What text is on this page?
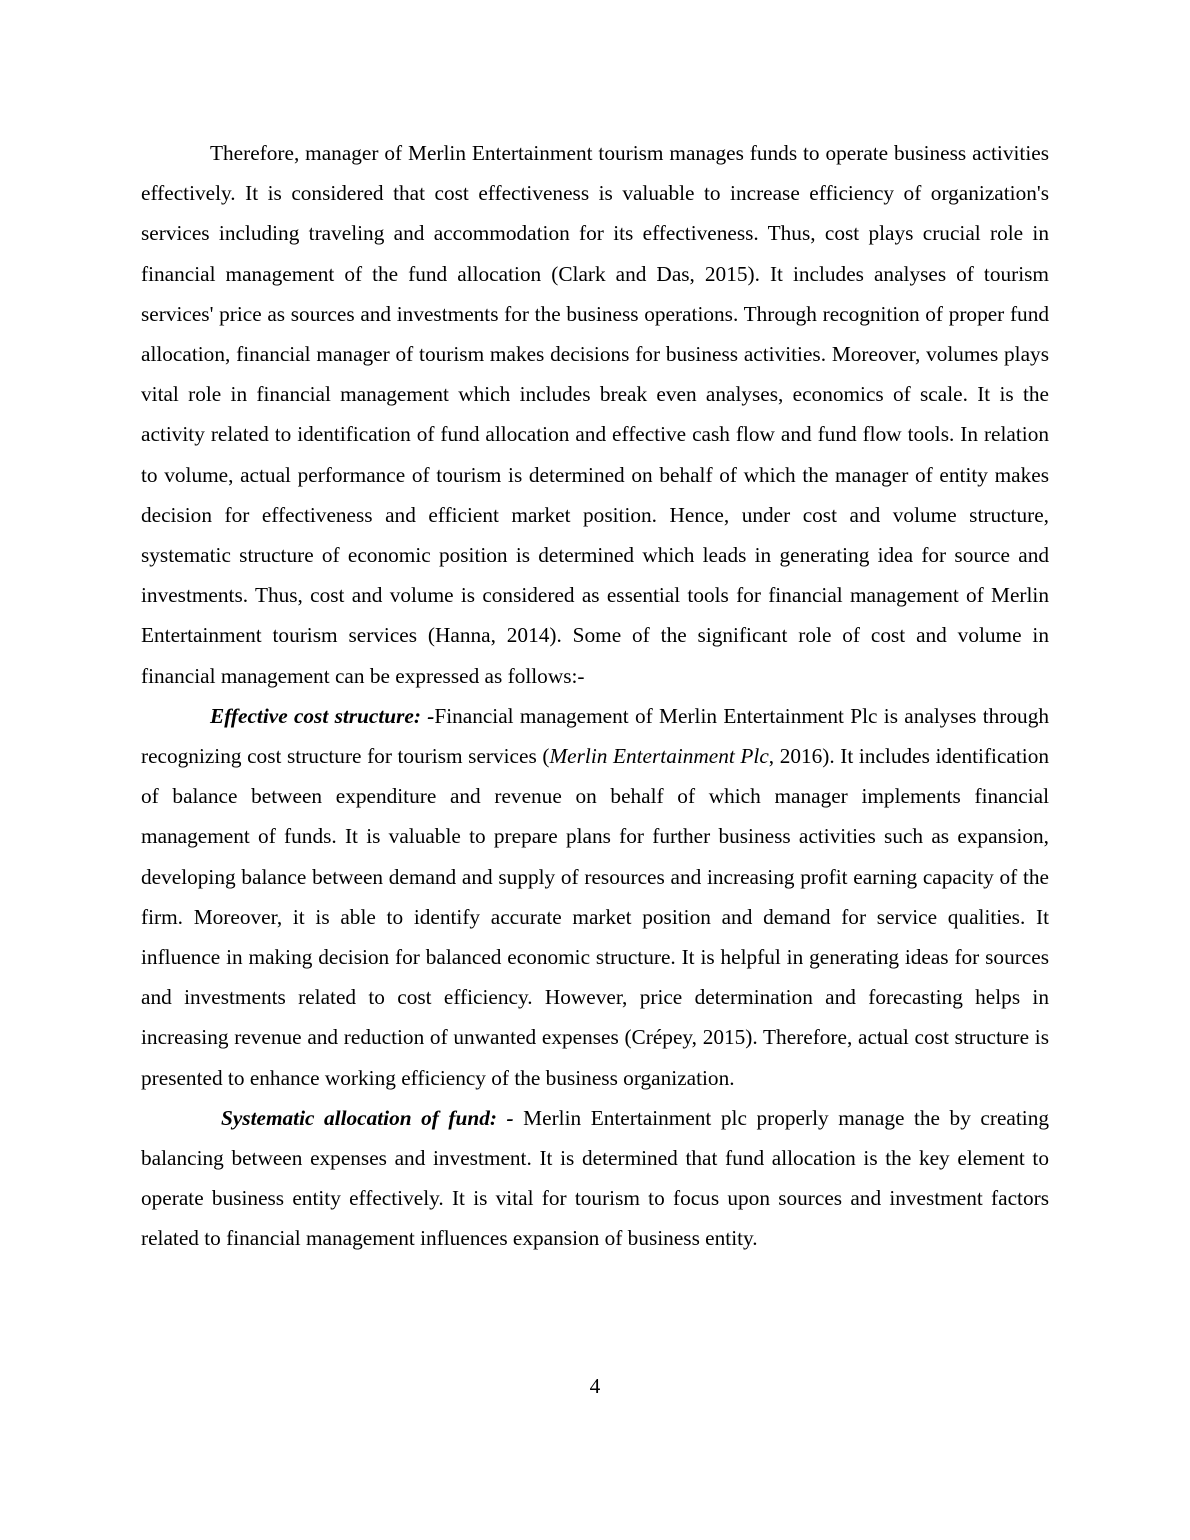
Therefore, manager of Merlin Entertainment tourism manages funds to operate business activities effectively. It is considered that cost effectiveness is valuable to increase efficiency of organization's services including traveling and accommodation for its effectiveness. Thus, cost plays crucial role in financial management of the fund allocation (Clark and Das, 2015). It includes analyses of tourism services' price as sources and investments for the business operations. Through recognition of proper fund allocation, financial manager of tourism makes decisions for business activities. Moreover, volumes plays vital role in financial management which includes break even analyses, economics of scale. It is the activity related to identification of fund allocation and effective cash flow and fund flow tools. In relation to volume, actual performance of tourism is determined on behalf of which the manager of entity makes decision for effectiveness and efficient market position. Hence, under cost and volume structure, systematic structure of economic position is determined which leads in generating idea for source and investments. Thus, cost and volume is considered as essential tools for financial management of Merlin Entertainment tourism services (Hanna, 2014). Some of the significant role of cost and volume in financial management can be expressed as follows:-

Effective cost structure: -Financial management of Merlin Entertainment Plc is analyses through recognizing cost structure for tourism services (Merlin Entertainment Plc, 2016). It includes identification of balance between expenditure and revenue on behalf of which manager implements financial management of funds. It is valuable to prepare plans for further business activities such as expansion, developing balance between demand and supply of resources and increasing profit earning capacity of the firm. Moreover, it is able to identify accurate market position and demand for service qualities. It influence in making decision for balanced economic structure. It is helpful in generating ideas for sources and investments related to cost efficiency. However, price determination and forecasting helps in increasing revenue and reduction of unwanted expenses (Crépey, 2015). Therefore, actual cost structure is presented to enhance working efficiency of the business organization.

Systematic allocation of fund: - Merlin Entertainment plc properly manage the by creating balancing between expenses and investment. It is determined that fund allocation is the key element to operate business entity effectively. It is vital for tourism to focus upon sources and investment factors related to financial management influences expansion of business entity.

4
